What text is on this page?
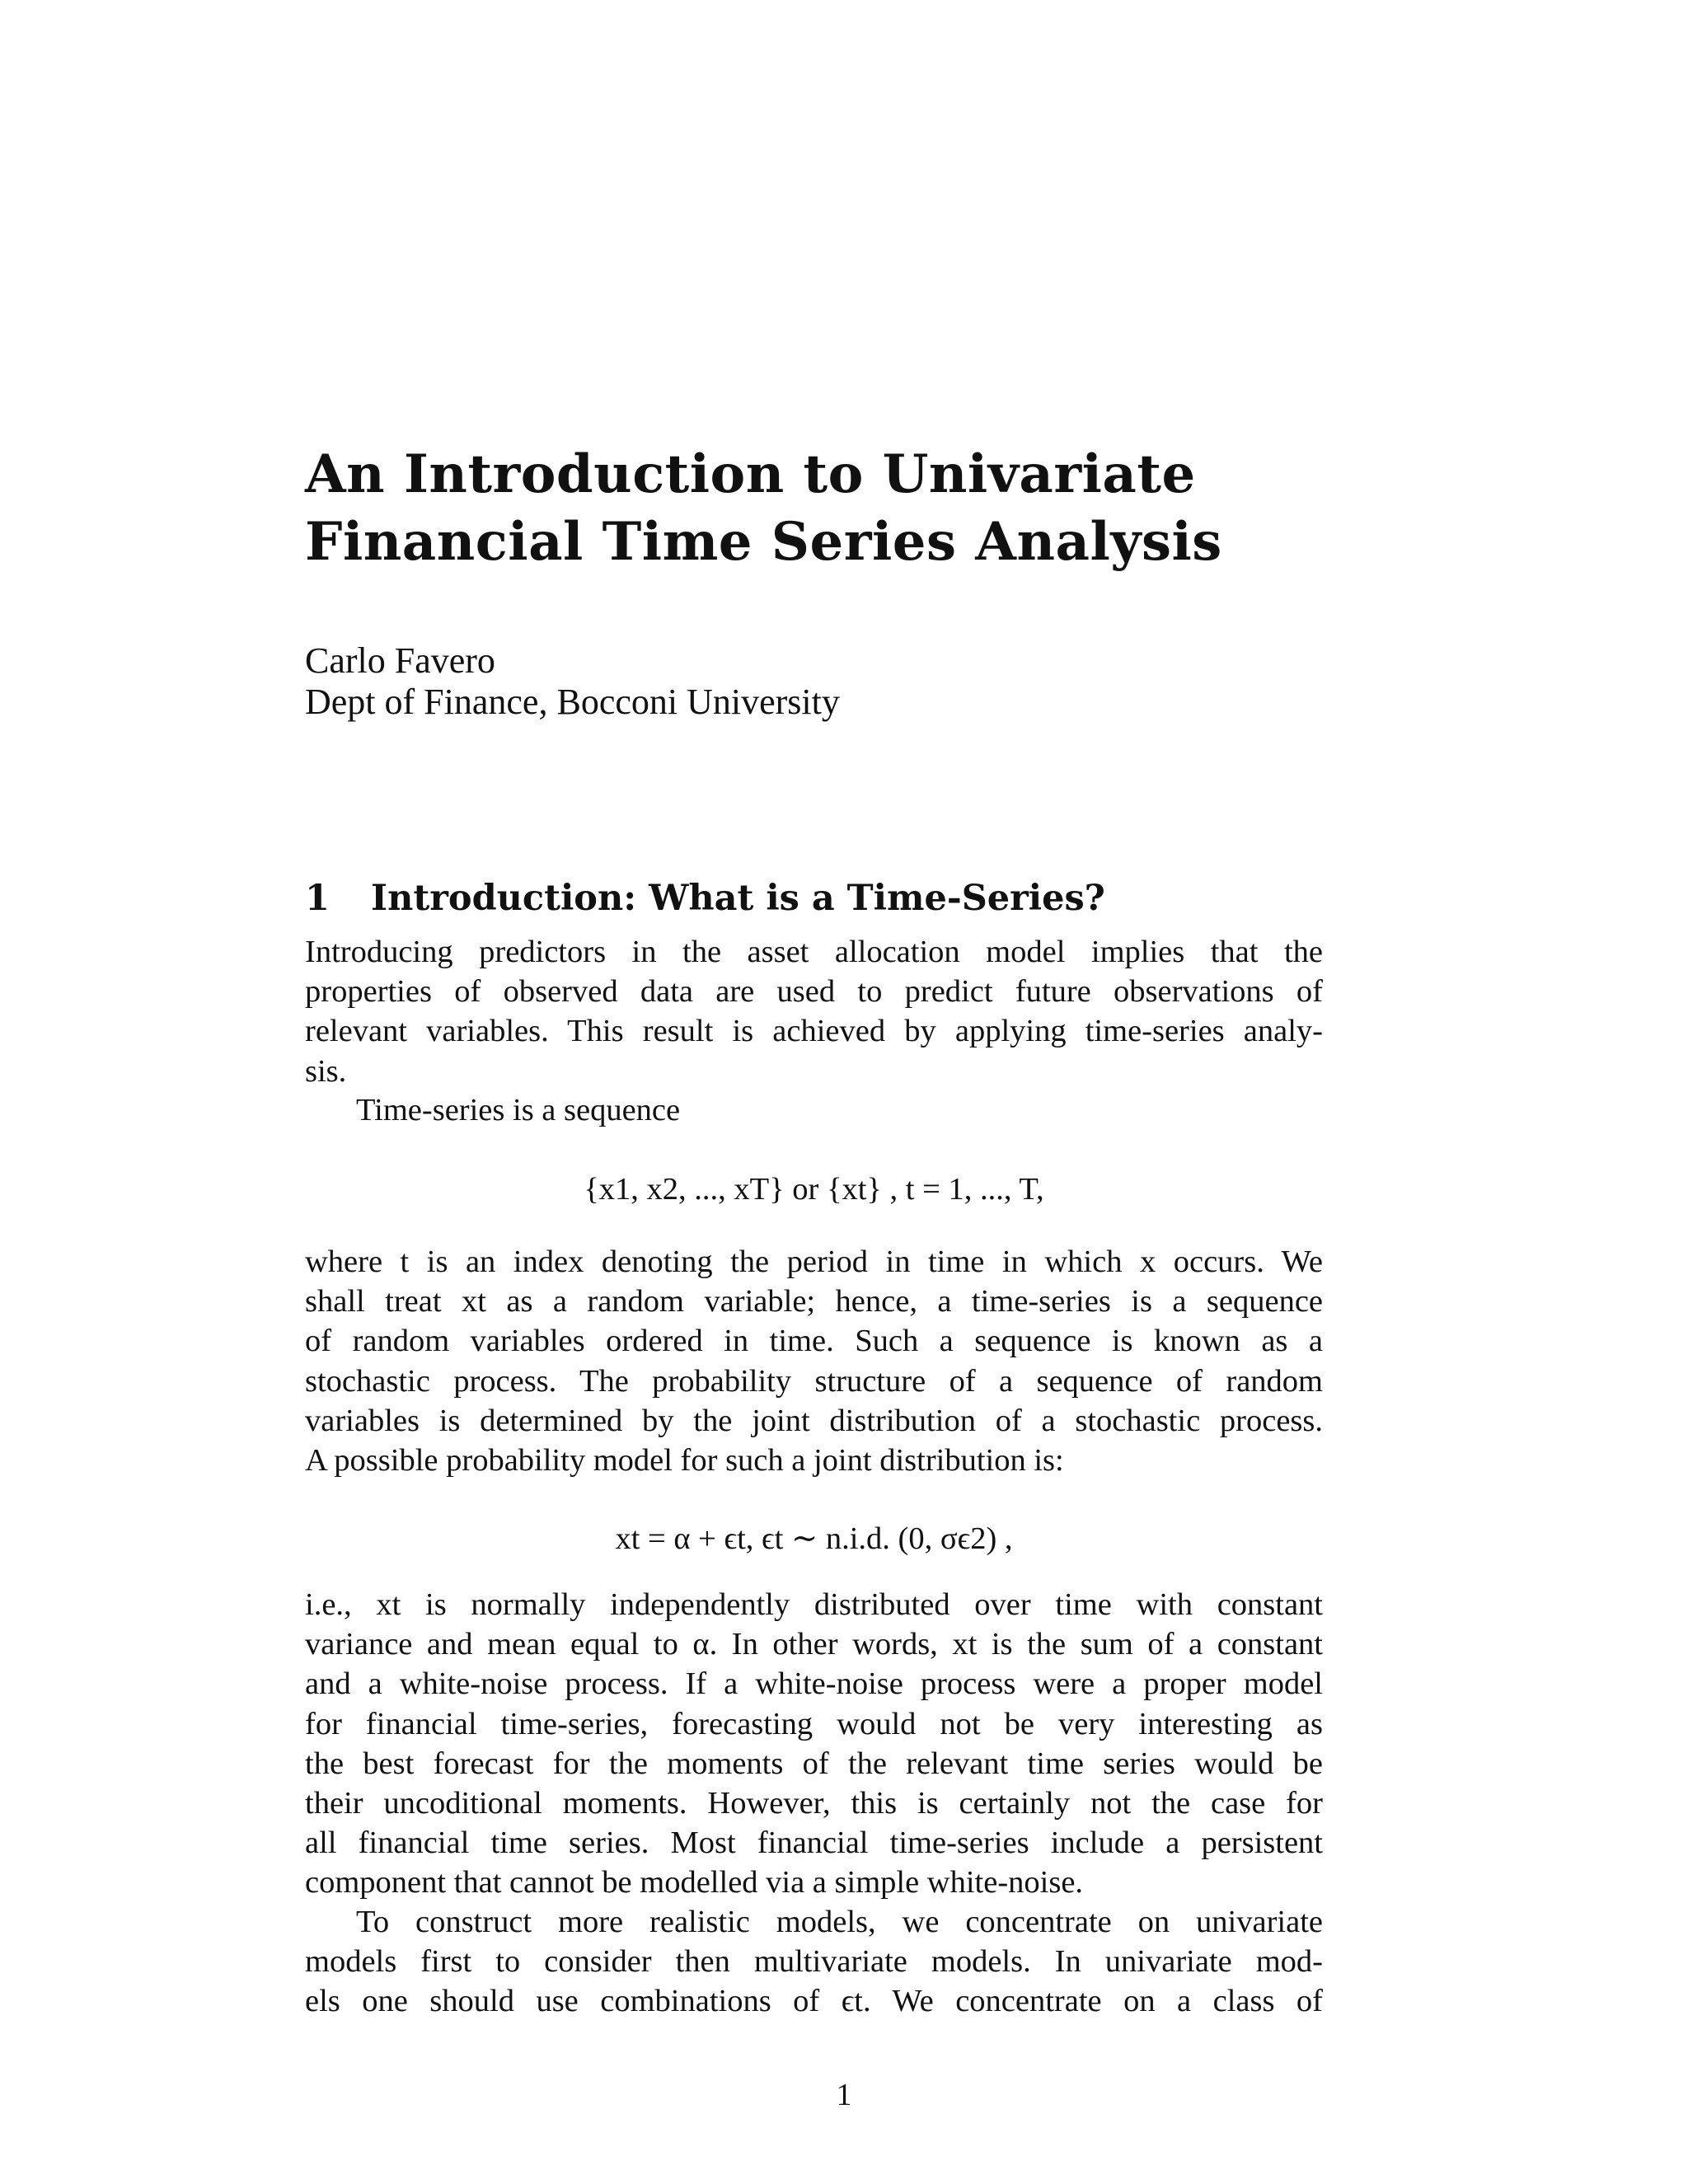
An Introduction to Univariate
Financial Time Series Analysis
Carlo Favero
Dept of Finance, Bocconi University
1 Introduction: What is a Time-Series?

Introducing predictors in the asset allocation model implies that the
properties of observed data are used to predict future observations of
relevant variables. This result is achieved by applying time-series analy-
sis.

Time-series is a sequence

{x1, x2, ..., xT} or {xt} , t = 1, ..., T,

where t is an index denoting the period in time in which x occurs. We
shall treat xt as a random variable; hence, a time-series is a sequence
of random variables ordered in time. Such a sequence is known as a
stochastic process. The probability structure of a sequence of random
variables is determined by the joint distribution of a stochastic process.
A possible probability model for such a joint distribution is:

xt = α + ϵt, ϵt ∼ n.i.d. (0, σϵ2) ,

i.e., xt is normally independently distributed over time with constant
variance and mean equal to α. In other words, xt is the sum of a constant
and a white-noise process. If a white-noise process were a proper model
for financial time-series, forecasting would not be very interesting as
the best forecast for the moments of the relevant time series would be
their uncoditional moments. However, this is certainly not the case for
all financial time series. Most financial time-series include a persistent
component that cannot be modelled via a simple white-noise.

To construct more realistic models, we concentrate on univariate
models first to consider then multivariate models. In univariate mod-
els one should use combinations of ϵt. We concentrate on a class of

1
